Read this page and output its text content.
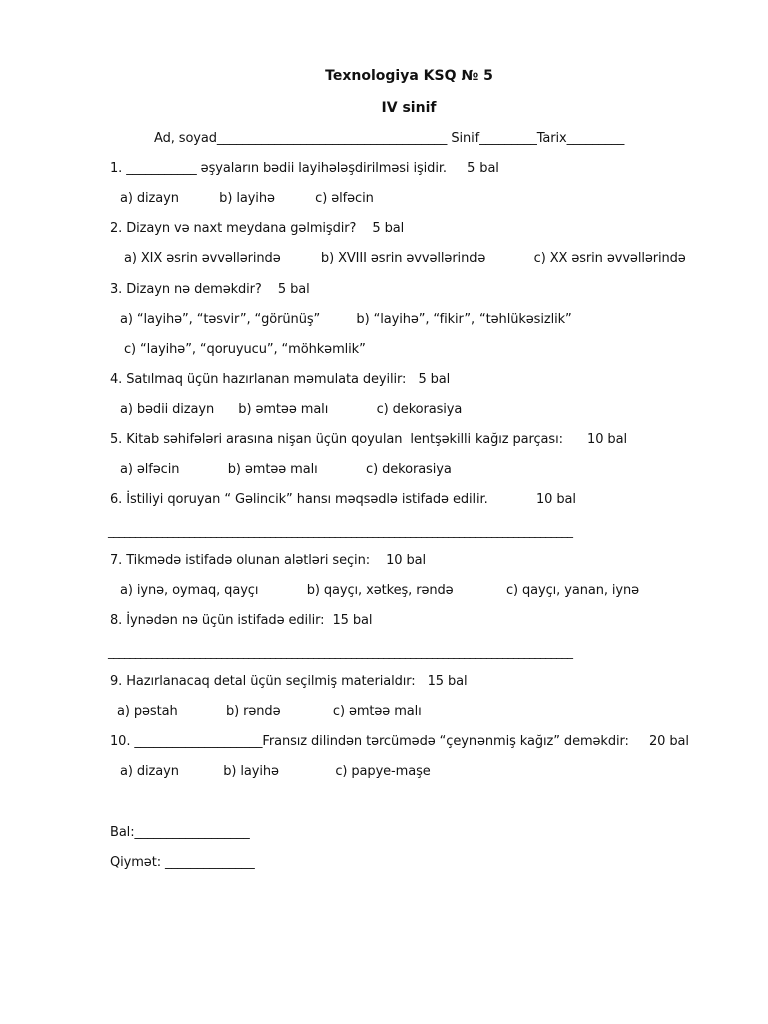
Texnologiya KSQ № 5
IV sinif
Ad, soyad____________________________________ Sinif_________Tarix_________
1. ___________ əşyaların bədii layihələşdirilməsi işidir.     5 bal
a) dizayn          b) layihə          c) əlfəcin
2. Dizayn və naxt meydana gəlmişdir?    5 bal
a) XIX əsrin əvvəllərində          b) XVIII əsrin əvvəllərində            c) XX əsrin əvvəllərində
3. Dizayn nə deməkdir?    5 bal
a) “layihə”, “təsvir”, “görünüş”         b) “layihə”, “fikir”, “təhlükəsizlik”
c) “layihə”, “qoruyucu”, “möhkəmlik”
4. Satılmaq üçün hazırlanan məmulata deyilir:   5 bal
a) bədii dizayn      b) əmtəə malı            c) dekorasiya
5. Kitab səhifələri arasına nişan üçün qoyulan  lentşəkilli kağız parçası:      10 bal
a) əlfəcin            b) əmtəə malı            c) dekorasiya
6. İstiliyi qoruyan “ Gəlincik” hansı məqsədlə istifadə edilir.            10 bal
______________________________________________________________________________________
7. Tikmədə istifadə olunan alətləri seçin:    10 bal
a) iynə, oymaq, qayçı            b) qayçı, xətkeş, rəndə             c) qayçı, yanan, iynə
8. İynədən nə üçün istifadə edilir:  15 bal
______________________________________________________________________________________
9. Hazırlanacaq detal üçün seçilmiş materialdır:   15 bal
a) pəstah            b) rəndə             c) əmtəə malı
10. ____________________Fransız dilindən tərcümədə “çeynənmiş kağız” deməkdir:     20 bal
a) dizayn           b) layihə              c) papye-maşe
Bal:__________________
Qiymət: ______________
